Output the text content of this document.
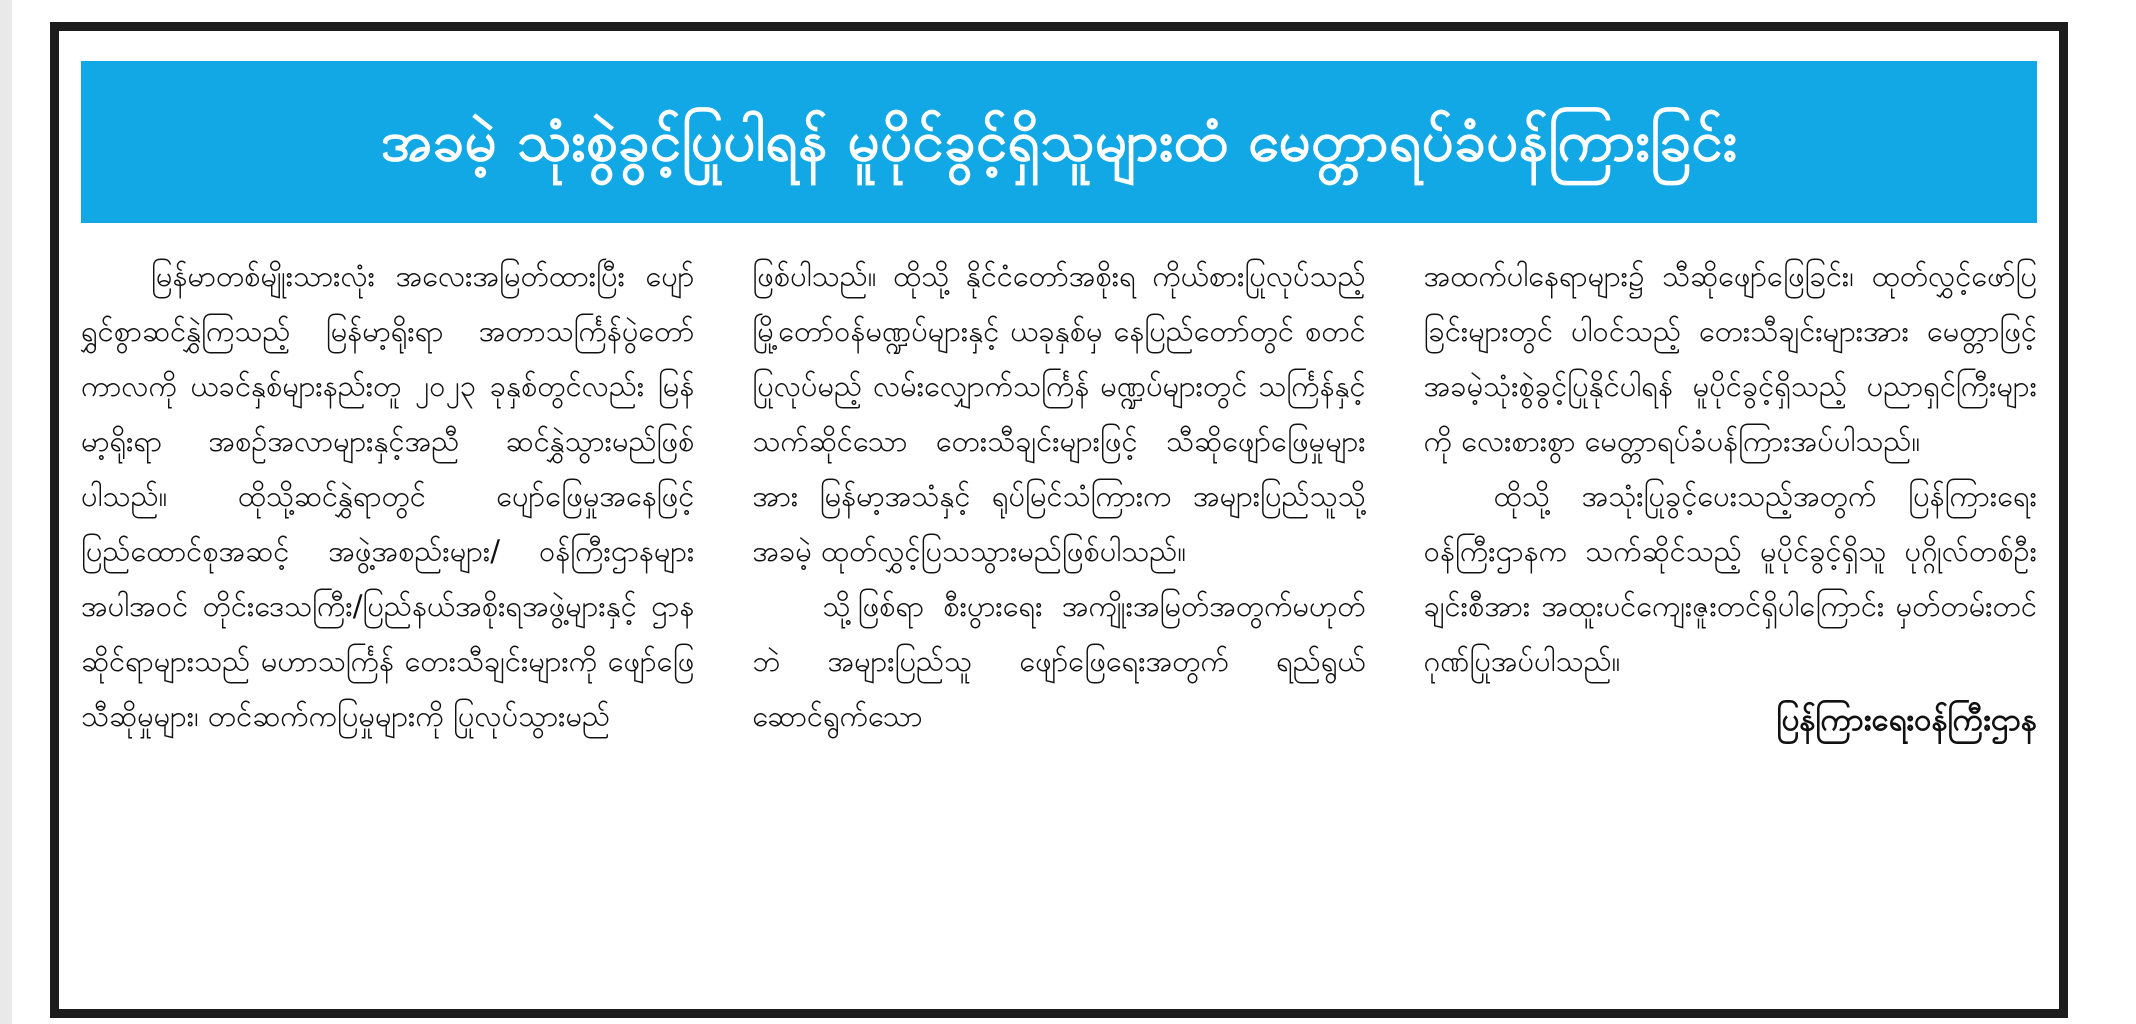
အခမဲ့ သုံးစွဲခွင့်ပြုပါရန် မူပိုင်ခွင့်ရှိသူများထံ မေတ္တာရပ်ခံပန်ကြားခြင်း

မြန်မာတစ်မျိုးသားလုံး အလေးအမြတ်ထားပြီး ပျော်ရွှင်စွာဆင်နွှဲကြသည့် မြန်မာ့ရိုးရာ အတာသင်္ကြန်ပွဲတော်ကာလကို ယခင်နှစ်များနည်းတူ ၂၀၂၃ ခုနှစ်တွင်လည်း မြန်မာ့ရိုးရာ အစဉ်အလာများနှင့်အညီ ဆင်နွှဲသွားမည်ဖြစ်ပါသည်။ ထိုသို့ဆင်နွှဲရာတွင် ပျော်ဖြေမှုအနေဖြင့် ပြည်ထောင်စုအဆင့် အဖွဲ့အစည်းများ/ ဝန်ကြီးဌာနများအပါအဝင် တိုင်းဒေသကြီး/ပြည်နယ်အစိုးရအဖွဲ့များနှင့် ဌာနဆိုင်ရာများသည် မဟာသင်္ကြန် တေးသီချင်းများကို ဖျော်ဖြေသီဆိုမှုများ၊ တင်ဆက်ကပြမှုများကို ပြုလုပ်သွားမည်

ဖြစ်ပါသည်။ ထိုသို့ နိုင်ငံတော်အစိုးရ ကိုယ်စားပြုလုပ်သည့် မြို့တော်ဝန်မဏ္ဍပ်များနှင့် ယခုနှစ်မှ နေပြည်တော်တွင် စတင်ပြုလုပ်မည့် လမ်းလျှောက်သင်္ကြန် မဏ္ဍပ်များတွင် သင်္ကြန်နှင့်သက်ဆိုင်သော တေးသီချင်းများဖြင့် သီဆိုဖျော်ဖြေမှုများအား မြန်မာ့အသံနှင့် ရုပ်မြင်သံကြားက အများပြည်သူသို့ အခမဲ့ ထုတ်လွှင့်ပြသသွားမည်ဖြစ်ပါသည်။

သို့ဖြစ်ရာ စီးပွားရေး အကျိုးအမြတ်အတွက်မဟုတ်ဘဲ အများပြည်သူ ဖျော်ဖြေရေးအတွက် ရည်ရွယ်ဆောင်ရွက်သော

အထက်ပါနေရာများ၌ သီဆိုဖျော်ဖြေခြင်း၊ ထုတ်လွှင့်ဖော်ပြခြင်းများတွင် ပါဝင်သည့် တေးသီချင်းများအား မေတ္တာဖြင့် အခမဲ့သုံးစွဲခွင့်ပြုနိုင်ပါရန် မူပိုင်ခွင့်ရှိသည့် ပညာရှင်ကြီးများကို လေးစားစွာ မေတ္တာရပ်ခံပန်ကြားအပ်ပါသည်။

ထိုသို့ အသုံးပြုခွင့်ပေးသည့်အတွက် ပြန်ကြားရေးဝန်ကြီးဌာနက သက်ဆိုင်သည့် မူပိုင်ခွင့်ရှိသူ ပုဂ္ဂိုလ်တစ်ဦးချင်းစီအား အထူးပင်ကျေးဇူးတင်ရှိပါကြောင်း မှတ်တမ်းတင် ဂုဏ်ပြုအပ်ပါသည်။

ပြန်ကြားရေးဝန်ကြီးဌာန
